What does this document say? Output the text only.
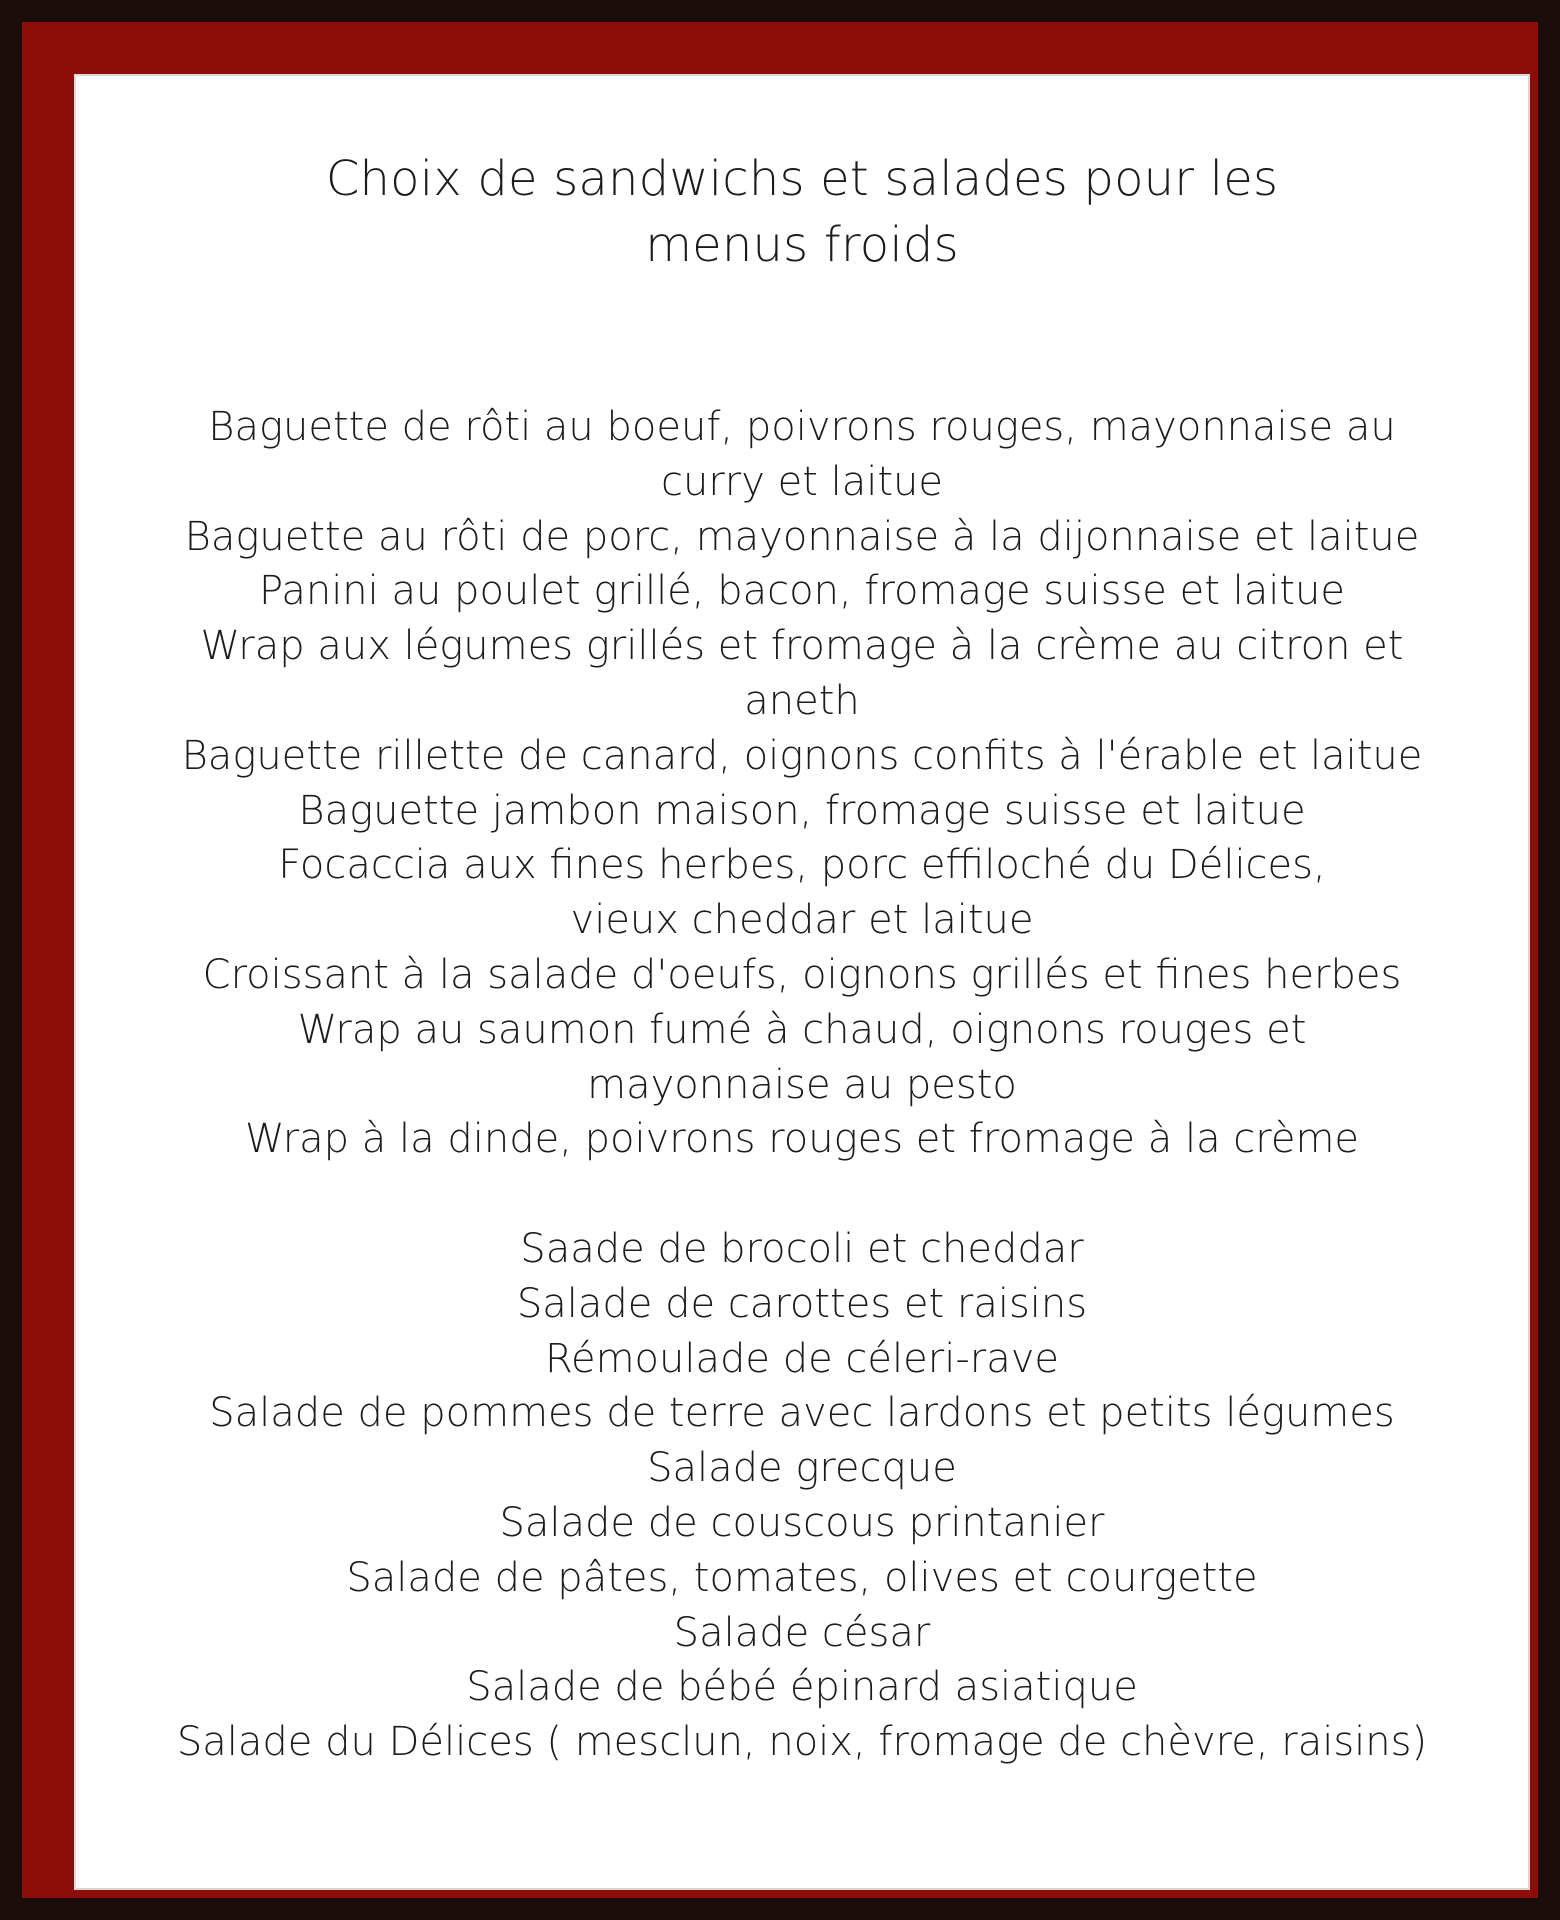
Choix de sandwichs et salades pour les menus froids
Baguette de rôti au boeuf, poivrons rouges, mayonnaise au curry et laitue
Baguette au rôti de porc, mayonnaise à la dijonnaise et laitue
Panini au poulet grillé, bacon, fromage suisse et laitue
Wrap aux légumes grillés et fromage à la crème au citron et aneth
Baguette rillette de canard, oignons confits à l'érable et laitue
Baguette jambon maison, fromage suisse et laitue
Focaccia aux fines herbes, porc effiloché du Délices, vieux cheddar et laitue
Croissant à la salade d'oeufs, oignons grillés et fines herbes
Wrap au saumon fumé à chaud, oignons rouges et mayonnaise au pesto
Wrap à la dinde, poivrons rouges et fromage à la crème
Saade de brocoli et cheddar
Salade de carottes et raisins
Rémoulade de céleri-rave
Salade de pommes de terre avec lardons et petits légumes
Salade grecque
Salade de couscous printanier
Salade de pâtes, tomates, olives et courgette
Salade césar
Salade de bébé épinard asiatique
Salade du Délices ( mesclun, noix, fromage de chèvre, raisins)
